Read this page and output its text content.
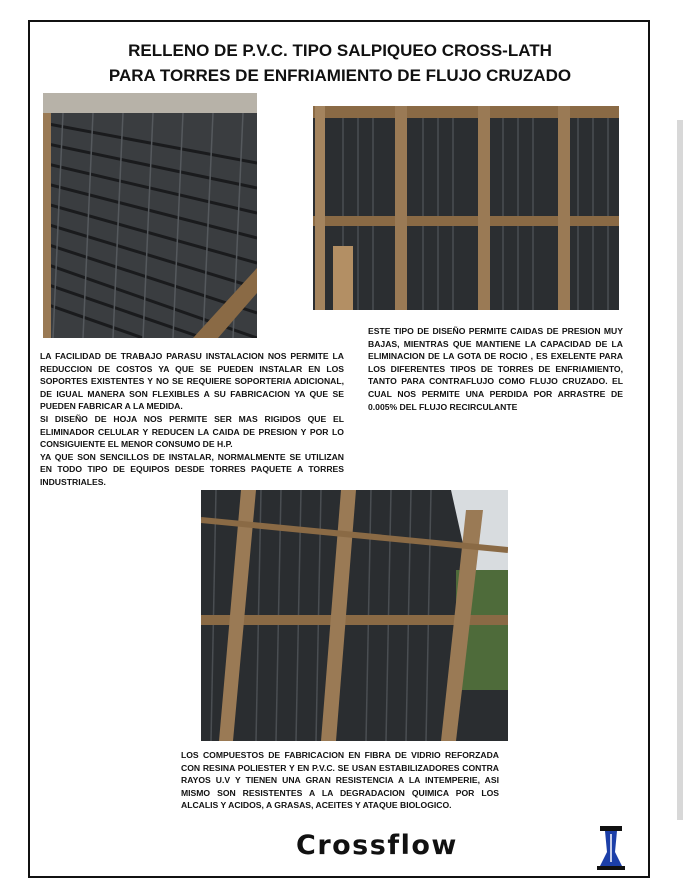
RELLENO DE P.V.C. TIPO SALPIQUEO CROSS-LATH
PARA TORRES DE ENFRIAMIENTO DE FLUJO CRUZADO

LA FACILIDAD DE TRABAJO PARASU INSTALACION NOS PERMITE LA REDUCCION DE COSTOS YA QUE SE PUEDEN INSTALAR EN LOS SOPORTES EXISTENTES Y NO SE REQUIERE SOPORTERIA ADICIONAL, DE IGUAL MANERA SON FLEXIBLES A SU FABRICACION YA QUE SE PUEDEN FABRICAR A LA MEDIDA.

SI DISEÑO DE HOJA NOS PERMITE SER MAS RIGIDOS QUE EL ELIMINADOR CELULAR Y REDUCEN LA CAIDA DE PRESION Y POR LO CONSIGUIENTE EL MENOR CONSUMO DE H.P.

YA QUE SON SENCILLOS DE INSTALAR, NORMALMENTE SE UTILIZAN EN TODO TIPO DE EQUIPOS DESDE TORRES PAQUETE A TORRES INDUSTRIALES.

ESTE TIPO DE DISEÑO PERMITE CAIDAS DE PRESION MUY BAJAS, MIENTRAS QUE MANTIENE LA CAPACIDAD DE LA ELIMINACION DE LA GOTA DE ROCIO , ES EXELENTE PARA LOS DIFERENTES TIPOS DE TORRES DE ENFRIAMIENTO, TANTO PARA CONTRAFLUJO COMO FLUJO CRUZADO. EL CUAL NOS PERMITE UNA PERDIDA POR ARRASTRE DE 0.005% DEL FLUJO RECIRCULANTE

LOS COMPUESTOS DE FABRICACION EN FIBRA DE VIDRIO REFORZADA CON RESINA POLIESTER Y EN P.V.C. SE USAN ESTABILIZADORES CONTRA RAYOS U.V Y TIENEN UNA GRAN RESISTENCIA A LA INTEMPERIE, ASI MISMO SON RESISTENTES A LA DEGRADACION QUIMICA POR LOS ALCALIS Y ACIDOS, A GRASAS, ACEITES Y ATAQUE BIOLOGICO.

Crossflow
